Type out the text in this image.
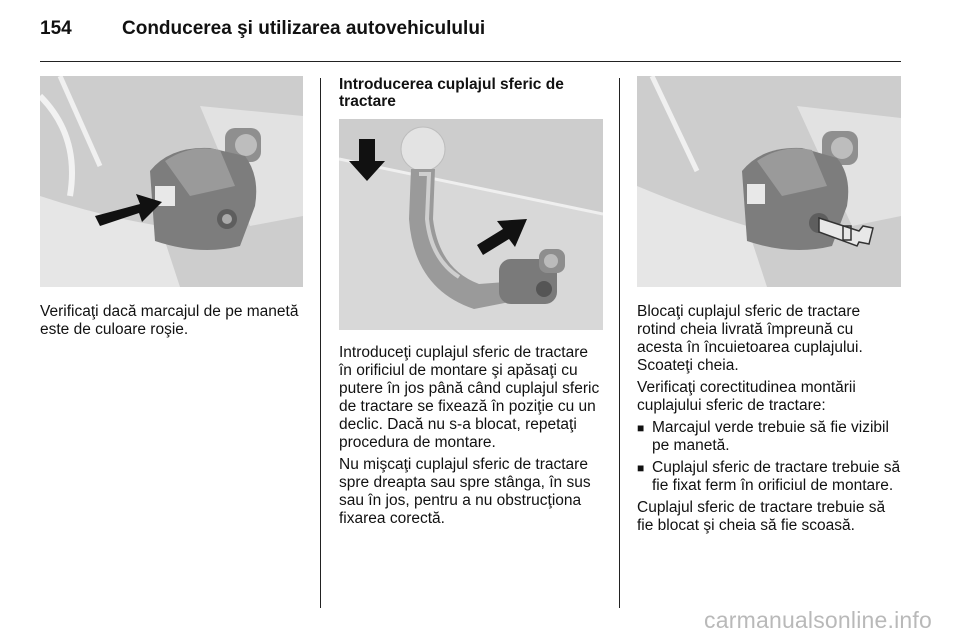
154	Conducerea şi utilizarea autovehiculului

Verificaţi dacă marcajul de pe manetă este de culoare roşie.

Introducerea cuplajul sferic de tractare

Introduceţi cuplajul sferic de tractare în orificiul de montare şi apăsaţi cu putere în jos până când cuplajul sferic de tractare se fixează în poziţie cu un declic. Dacă nu s-a blocat, repetaţi procedura de montare.

Nu mişcaţi cuplajul sferic de tractare spre dreapta sau spre stânga, în sus sau în jos, pentru a nu obstrucţiona fixarea corectă.

Blocaţi cuplajul sferic de tractare rotind cheia livrată împreună cu acesta în încuietoarea cuplajului. Scoateţi cheia.

Verificaţi corectitudinea montării cuplajului sferic de tractare:

■ Marcajul verde trebuie să fie vizibil pe manetă.
■ Cuplajul sferic de tractare trebuie să fie fixat ferm în orificiul de montare.

Cuplajul sferic de tractare trebuie să fie blocat şi cheia să fie scoasă.

carmanualsonline.info
